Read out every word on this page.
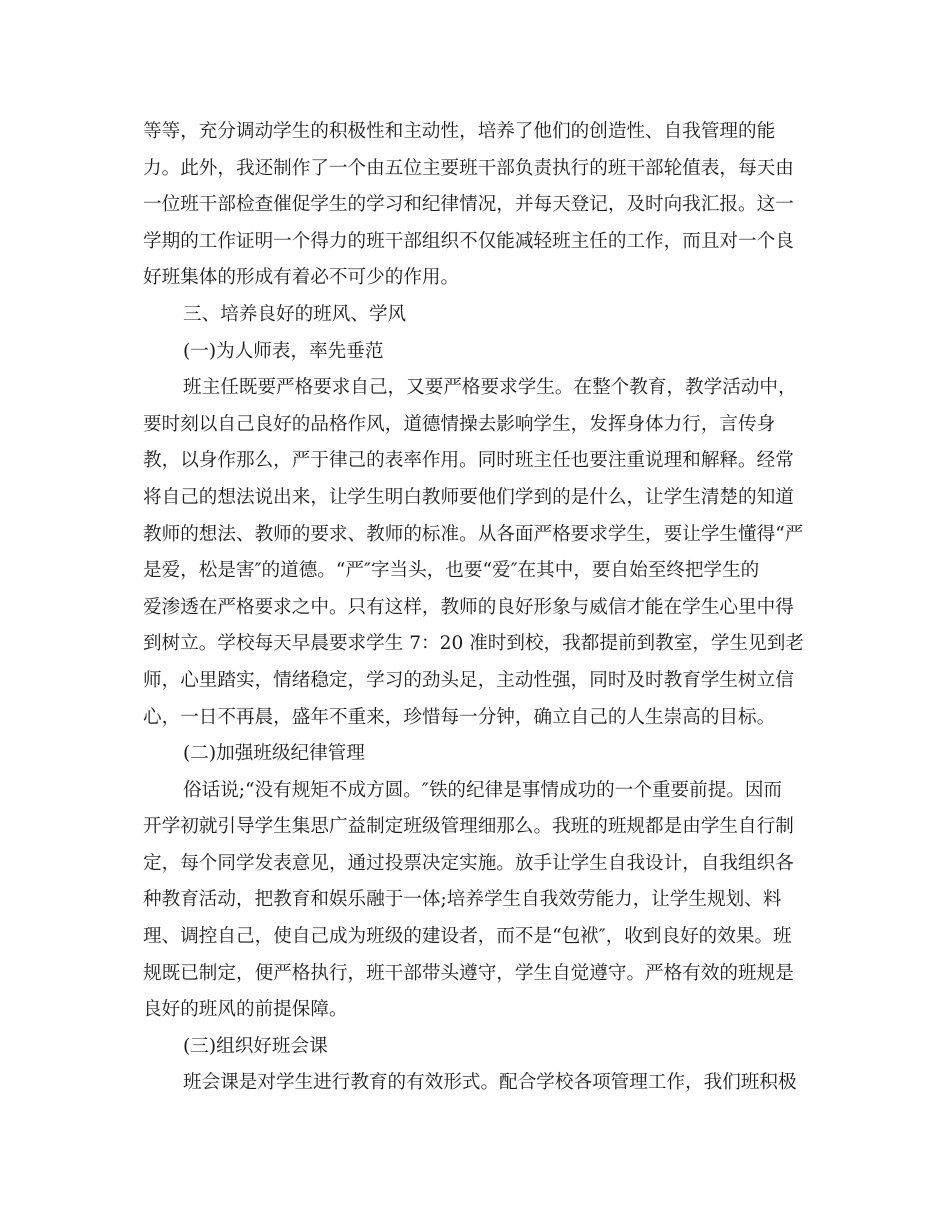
等等，充分调动学生的积极性和主动性，培养了他们的创造性、自我管理的能
力。此外，我还制作了一个由五位主要班干部负责执行的班干部轮值表，每天由
一位班干部检查催促学生的学习和纪律情况，并每天登记，及时向我汇报。这一
学期的工作证明一个得力的班干部组织不仅能减轻班主任的工作，而且对一个良
好班集体的形成有着必不可少的作用。
三、培养良好的班风、学风
(一)为人师表，率先垂范
班主任既要严格要求自己，又要严格要求学生。在整个教育，教学活动中，
要时刻以自己良好的品格作风，道德情操去影响学生，发挥身体力行，言传身
教，以身作那么，严于律己的表率作用。同时班主任也要注重说理和解释。经常
将自己的想法说出来，让学生明白教师要他们学到的是什么，让学生清楚的知道
教师的想法、教师的要求、教师的标准。从各面严格要求学生，要让学生懂得“严
是爱，松是害″的道德。“严″字当头，也要“爱″在其中，要自始至终把学生的
爱渗透在严格要求之中。只有这样，教师的良好形象与威信才能在学生心里中得
到树立。学校每天早晨要求学生 7：20 准时到校，我都提前到教室，学生见到老
师，心里踏实，情绪稳定，学习的劲头足，主动性强，同时及时教育学生树立信
心，一日不再晨，盛年不重来，珍惜每一分钟，确立自己的人生崇高的目标。
(二)加强班级纪律管理
俗话说;“没有规矩不成方圆。″铁的纪律是事情成功的一个重要前提。因而
开学初就引导学生集思广益制定班级管理细那么。我班的班规都是由学生自行制
定，每个同学发表意见，通过投票决定实施。放手让学生自我设计，自我组织各
种教育活动，把教育和娱乐融于一体;培养学生自我效劳能力，让学生规划、料
理、调控自己，使自己成为班级的建设者，而不是“包袱″，收到良好的效果。班
规既已制定，便严格执行，班干部带头遵守，学生自觉遵守。严格有效的班规是
良好的班风的前提保障。
(三)组织好班会课
班会课是对学生进行教育的有效形式。配合学校各项管理工作，我们班积极
